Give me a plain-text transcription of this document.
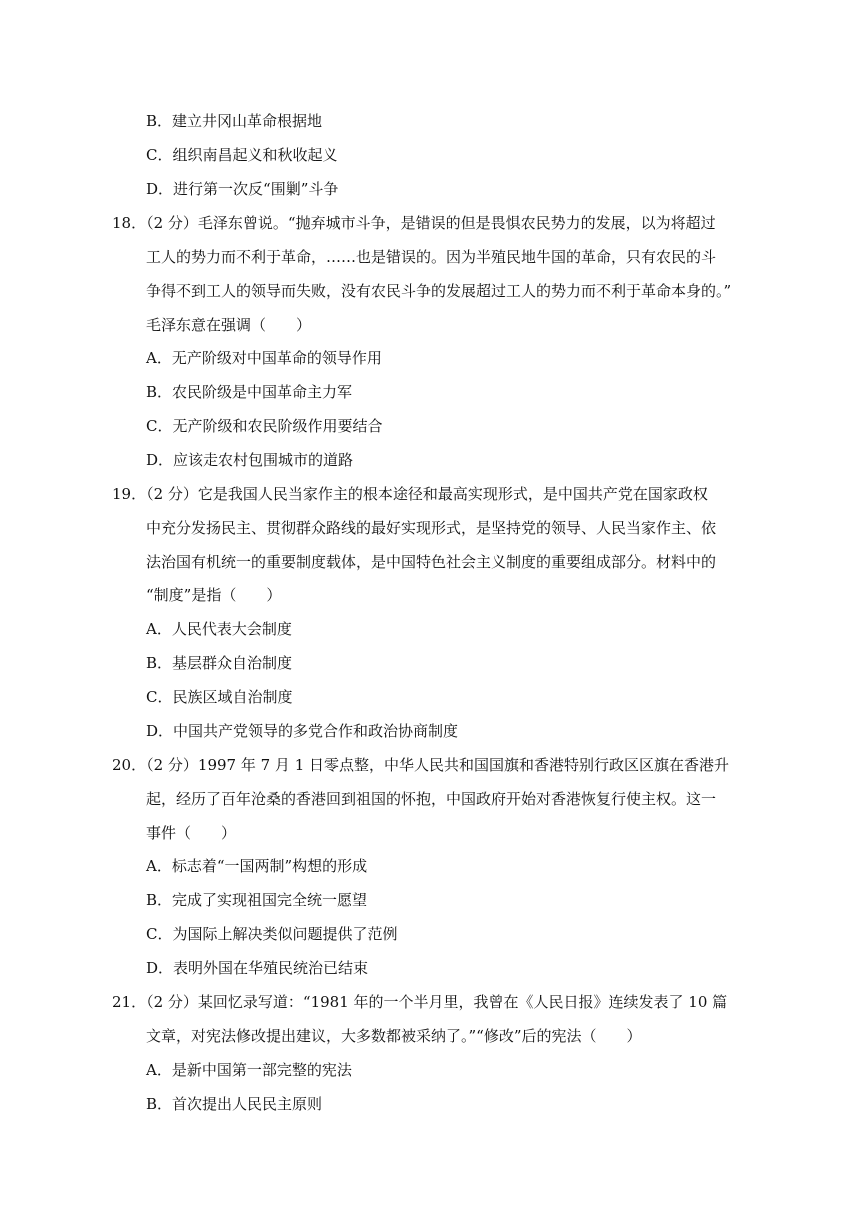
B．建立井冈山革命根据地
C．组织南昌起义和秋收起义
D．进行第一次反“围剿”斗争
18．（2 分）毛泽东曾说。“抛弃城市斗争，是错误的但是畏惧农民势力的发展，以为将超过
工人的势力而不利于革命，……也是错误的。因为半殖民地牛国的革命，只有农民的斗
争得不到工人的领导而失败，没有农民斗争的发展超过工人的势力而不利于革命本身的。”
毛泽东意在强调（　　）
A．无产阶级对中国革命的领导作用
B．农民阶级是中国革命主力军
C．无产阶级和农民阶级作用要结合
D．应该走农村包围城市的道路
19．（2 分）它是我国人民当家作主的根本途径和最高实现形式，是中国共产党在国家政权
中充分发扬民主、贯彻群众路线的最好实现形式，是坚持党的领导、人民当家作主、依
法治国有机统一的重要制度载体，是中国特色社会主义制度的重要组成部分。材料中的
“制度”是指（　　）
A．人民代表大会制度
B．基层群众自治制度
C．民族区域自治制度
D．中国共产党领导的多党合作和政治协商制度
20．（2 分）1997 年 7 月 1 日零点整，中华人民共和国国旗和香港特别行政区区旗在香港升
起，经历了百年沧桑的香港回到祖国的怀抱，中国政府开始对香港恢复行使主权。这一
事件（　　）
A．标志着“一国两制”构想的形成
B．完成了实现祖国完全统一愿望
C．为国际上解决类似问题提供了范例
D．表明外国在华殖民统治已结束
21．（2 分）某回忆录写道：“1981 年的一个半月里，我曾在《人民日报》连续发表了 10 篇
文章，对宪法修改提出建议，大多数都被采纳了。”“修改”后的宪法（　　）
A．是新中国第一部完整的宪法
B．首次提出人民民主原则
